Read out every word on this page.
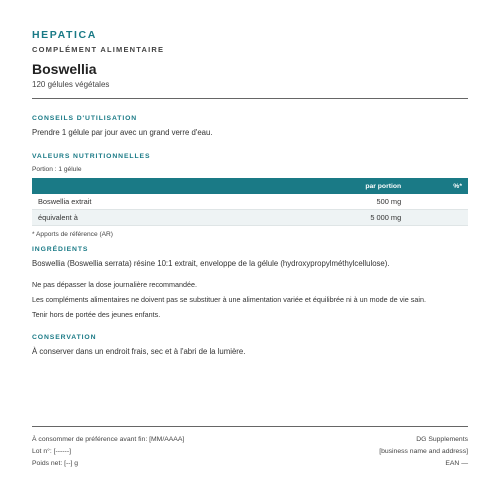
HEPATICA
COMPLÉMENT ALIMENTAIRE
Boswellia
120 gélules végétales
CONSEILS D'UTILISATION
Prendre 1 gélule par jour avec un grand verre d'eau.
VALEURS NUTRITIONNELLES
Portion : 1 gélule
	par portion	%*
Boswellia extrait	500 mg	
équivalent à	5 000 mg	
* Apports de référence (AR)
INGRÉDIENTS
Boswellia (Boswellia serrata) résine 10:1 extrait, enveloppe de la gélule (hydroxypropylméthylcellulose).
Ne pas dépasser la dose journalière recommandée.
Les compléments alimentaires ne doivent pas se substituer à une alimentation variée et équilibrée ni à un mode de vie sain.
Tenir hors de portée des jeunes enfants.
CONSERVATION
À conserver dans un endroit frais, sec et à l'abri de la lumière.
À consommer de préférence avant fin: [MM/AAAA]	DG Supplements
Lot n°: [------]	[business name and address]
Poids net: [--] g	EAN —
